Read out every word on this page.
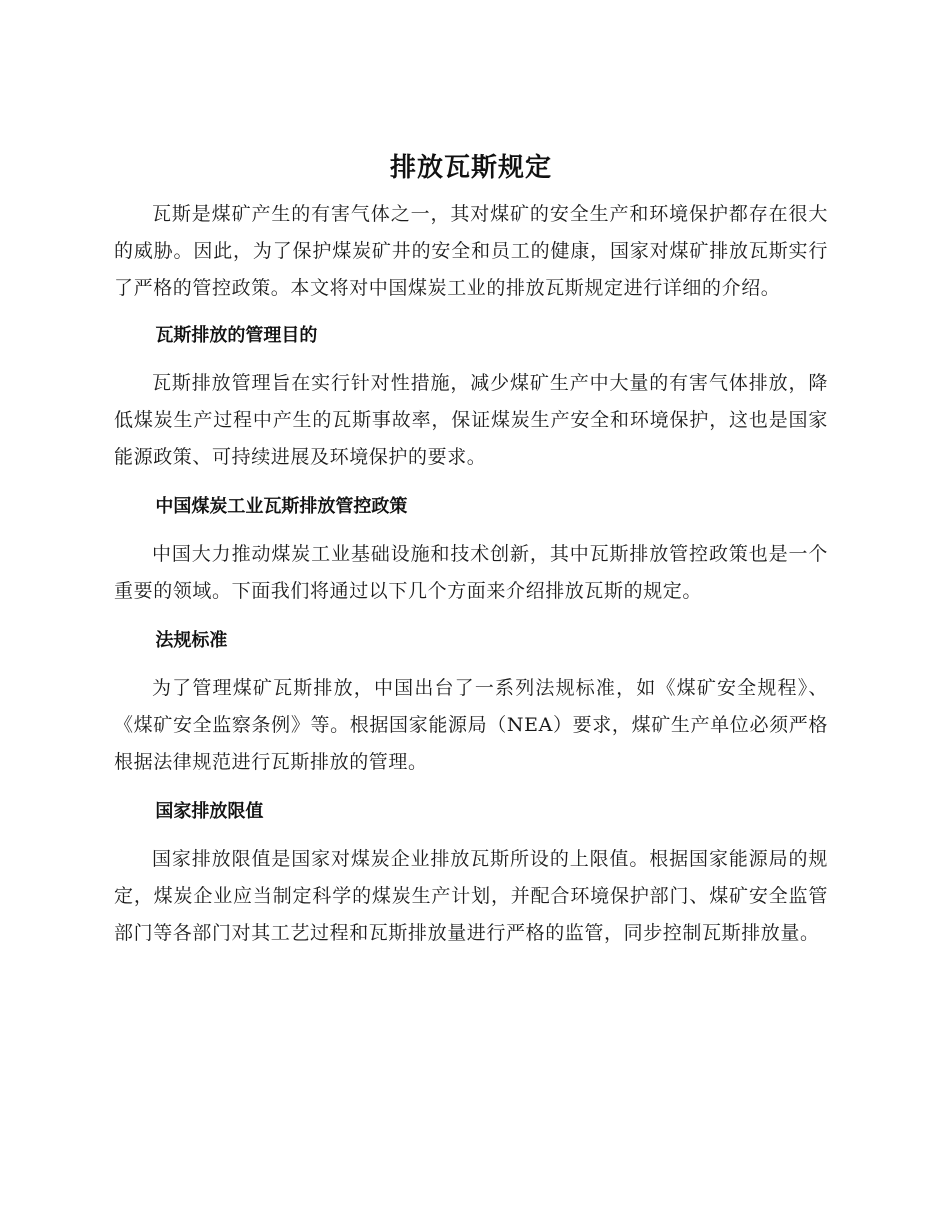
排放瓦斯规定

瓦斯是煤矿产生的有害气体之一，其对煤矿的安全生产和环境保护都存在很大的威胁。因此，为了保护煤炭矿井的安全和员工的健康，国家对煤矿排放瓦斯实行了严格的管控政策。本文将对中国煤炭工业的排放瓦斯规定进行详细的介绍。

瓦斯排放的管理目的

瓦斯排放管理旨在实行针对性措施，减少煤矿生产中大量的有害气体排放，降低煤炭生产过程中产生的瓦斯事故率，保证煤炭生产安全和环境保护，这也是国家能源政策、可持续进展及环境保护的要求。

中国煤炭工业瓦斯排放管控政策

中国大力推动煤炭工业基础设施和技术创新，其中瓦斯排放管控政策也是一个重要的领域。下面我们将通过以下几个方面来介绍排放瓦斯的规定。

法规标准

为了管理煤矿瓦斯排放，中国出台了一系列法规标准，如《煤矿安全规程》、《煤矿安全监察条例》等。根据国家能源局（NEA）要求，煤矿生产单位必须严格根据法律规范进行瓦斯排放的管理。

国家排放限值

国家排放限值是国家对煤炭企业排放瓦斯所设的上限值。根据国家能源局的规定，煤炭企业应当制定科学的煤炭生产计划，并配合环境保护部门、煤矿安全监管部门等各部门对其工艺过程和瓦斯排放量进行严格的监管，同步控制瓦斯排放量。
